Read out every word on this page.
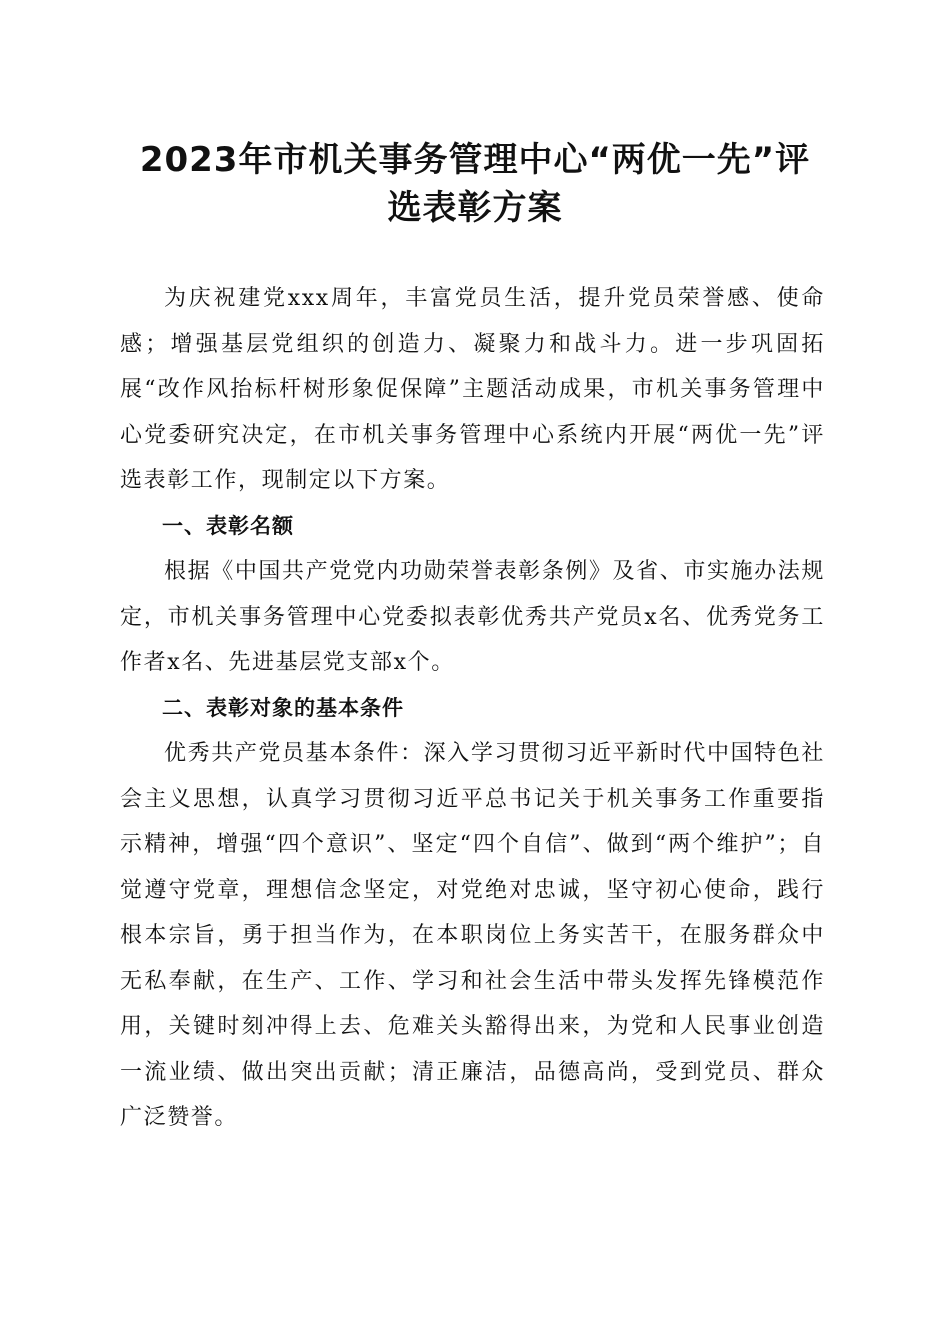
2023年市机关事务管理中心“两优一先”评
选表彰方案

为庆祝建党xxx周年，丰富党员生活，提升党员荣誉感、使命感；增强基层党组织的创造力、凝聚力和战斗力。进一步巩固拓展“改作风抬标杆树形象促保障”主题活动成果，市机关事务管理中心党委研究决定，在市机关事务管理中心系统内开展“两优一先”评选表彰工作，现制定以下方案。

一、表彰名额

根据《中国共产党党内功勋荣誉表彰条例》及省、市实施办法规定，市机关事务管理中心党委拟表彰优秀共产党员x名、优秀党务工作者x名、先进基层党支部x个。

二、表彰对象的基本条件

优秀共产党员基本条件：深入学习贯彻习近平新时代中国特色社会主义思想，认真学习贯彻习近平总书记关于机关事务工作重要指示精神，增强“四个意识”、坚定“四个自信”、做到“两个维护”；自觉遵守党章，理想信念坚定，对党绝对忠诚，坚守初心使命，践行根本宗旨，勇于担当作为，在本职岗位上务实苦干，在服务群众中无私奉献，在生产、工作、学习和社会生活中带头发挥先锋模范作用，关键时刻冲得上去、危难关头豁得出来，为党和人民事业创造一流业绩、做出突出贡献；清正廉洁，品德高尚，受到党员、群众广泛赞誉。
